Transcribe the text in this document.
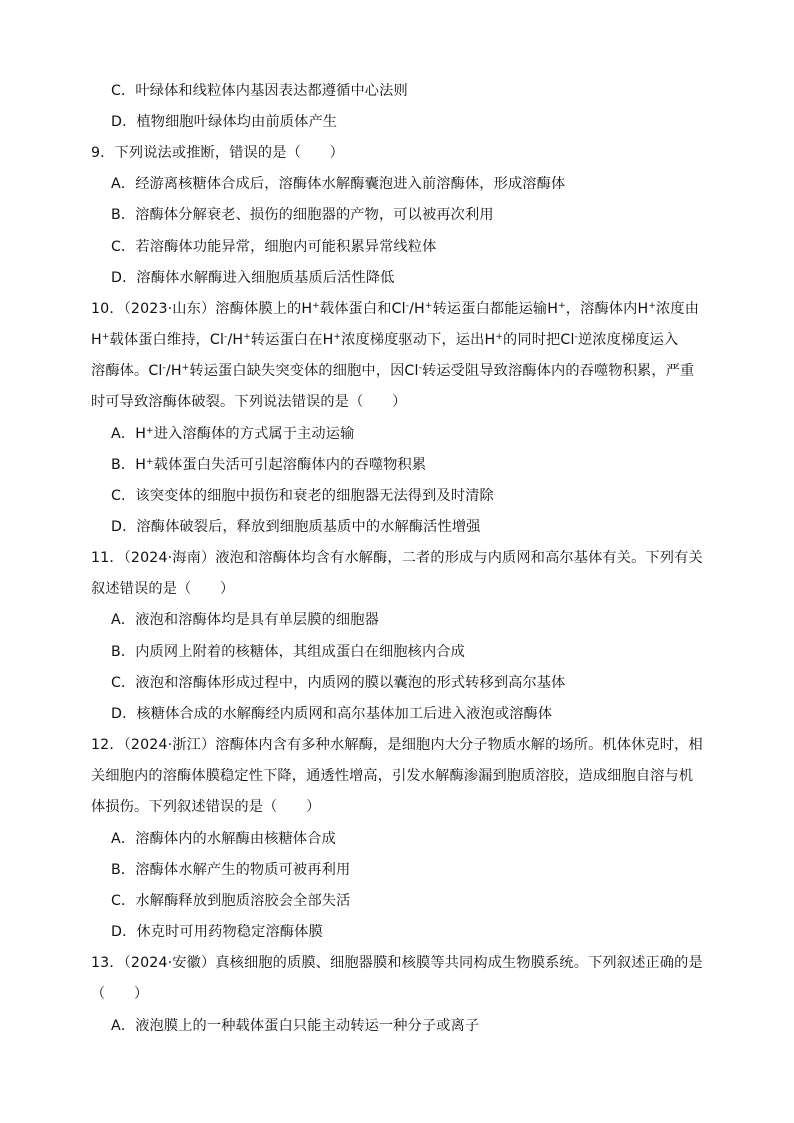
C．叶绿体和线粒体内基因表达都遵循中心法则
D．植物细胞叶绿体均由前质体产生
9．下列说法或推断，错误的是（　　）
A．经游离核糖体合成后，溶酶体水解酶囊泡进入前溶酶体，形成溶酶体
B．溶酶体分解衰老、损伤的细胞器的产物，可以被再次利用
C．若溶酶体功能异常，细胞内可能积累异常线粒体
D．溶酶体水解酶进入细胞质基质后活性降低
10．（2023·山东）溶酶体膜上的H+载体蛋白和Cl-/H+转运蛋白都能运输H+，溶酶体内H+浓度由
H+载体蛋白维持，Cl-/H+转运蛋白在H+浓度梯度驱动下，运出H+的同时把Cl-逆浓度梯度运入
溶酶体。Cl-/H+转运蛋白缺失突变体的细胞中，因Cl-转运受阻导致溶酶体内的吞噬物积累，严重
时可导致溶酶体破裂。下列说法错误的是（　　）
A．H+进入溶酶体的方式属于主动运输
B．H+载体蛋白失活可引起溶酶体内的吞噬物积累
C．该突变体的细胞中损伤和衰老的细胞器无法得到及时清除
D．溶酶体破裂后，释放到细胞质基质中的水解酶活性增强
11．（2024·海南）液泡和溶酶体均含有水解酶，二者的形成与内质网和高尔基体有关。下列有关
叙述错误的是（　　）
A．液泡和溶酶体均是具有单层膜的细胞器
B．内质网上附着的核糖体，其组成蛋白在细胞核内合成
C．液泡和溶酶体形成过程中，内质网的膜以囊泡的形式转移到高尔基体
D．核糖体合成的水解酶经内质网和高尔基体加工后进入液泡或溶酶体
12．（2024·浙江）溶酶体内含有多种水解酶，是细胞内大分子物质水解的场所。机体休克时，相
关细胞内的溶酶体膜稳定性下降，通透性增高，引发水解酶渗漏到胞质溶胶，造成细胞自溶与机
体损伤。下列叙述错误的是（　　）
A．溶酶体内的水解酶由核糖体合成
B．溶酶体水解产生的物质可被再利用
C．水解酶释放到胞质溶胶会全部失活
D．休克时可用药物稳定溶酶体膜
13．（2024·安徽）真核细胞的质膜、细胞器膜和核膜等共同构成生物膜系统。下列叙述正确的是
（　　）
A．液泡膜上的一种载体蛋白只能主动转运一种分子或离子
